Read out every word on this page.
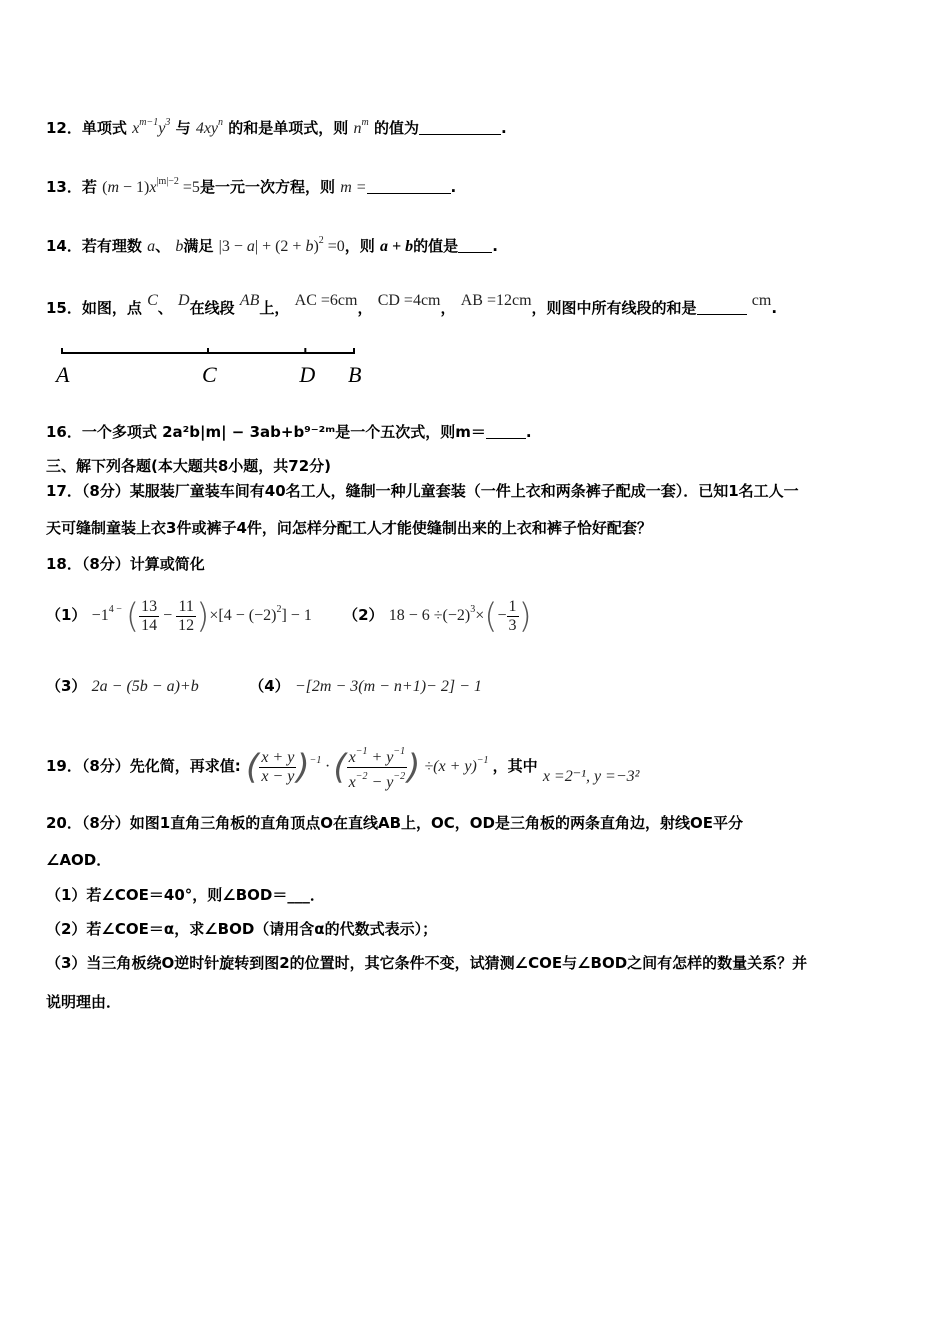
12．单项式 $x^{m-1}y^3$ 与 $4xy^n$ 的和是单项式，则 $n^m$ 的值为	.
13．若 $(m - 1)x^{|m|-2} =5$是一元一次方程，则 m =	.
14．若有理数 a、 b满足 $|3 - a| + (2 + b)^2 =0$，则 a + b的值是 .
15．如图，点 C、 D在线段 AB上， AC =6cm， CD =4cm， AB =12cm，则图中所有线段的和是	cm.
A	C	D B
16．一个多项式 2a²b|m| − 3ab+b⁹⁻²ᵐ是一个五次式，则m＝	.
三、解下列各题(本大题共8小题，共72分)
17．（8分）某服装厂童装车间有40名工人，缝制一种儿童套装（一件上衣和两条裤子配成一套）．已知1名工人一
天可缝制童装上衣3件或裤子4件，问怎样分配工人才能使缝制出来的上衣和裤子恰好配套？
18．（8分）计算或简化
$(1) -1^{4 -}$ ( $\frac{13}{14} - \frac{11}{12} )\times[4 - (-2)^2] - 1$ （2） $18 - 6 \div(-2)^3\times(- \frac{1}{3}$ )
（3） 2a − (5b − a)+b	（4） −[2m − 3(m − n+1)− 2] − 1
19．（8分）先化简，再求值: ( $\frac{x + y}{x - y} )^{-1}$ · ( $\frac{x^{-1} + y^{-1}}{x^{-2} - y^{-2}}$ ) $\div(x + y)^{-1}$ ，其中 x =2⁻¹, y =−3²
20．（8分）如图1直角三角板的直角顶点O在直线AB上，OC，OD是三角板的两条直角边，射线OE平分
∠AOD．
（1）若∠COE＝40°，则∠BOD＝___．
（2）若∠COE＝α，求∠BOD（请用含α的代数式表示）；
（3）当三角板绕O逆时针旋转到图2的位置时，其它条件不变，试猜测∠COE与∠BOD之间有怎样的数量关系？并
说明理由．
